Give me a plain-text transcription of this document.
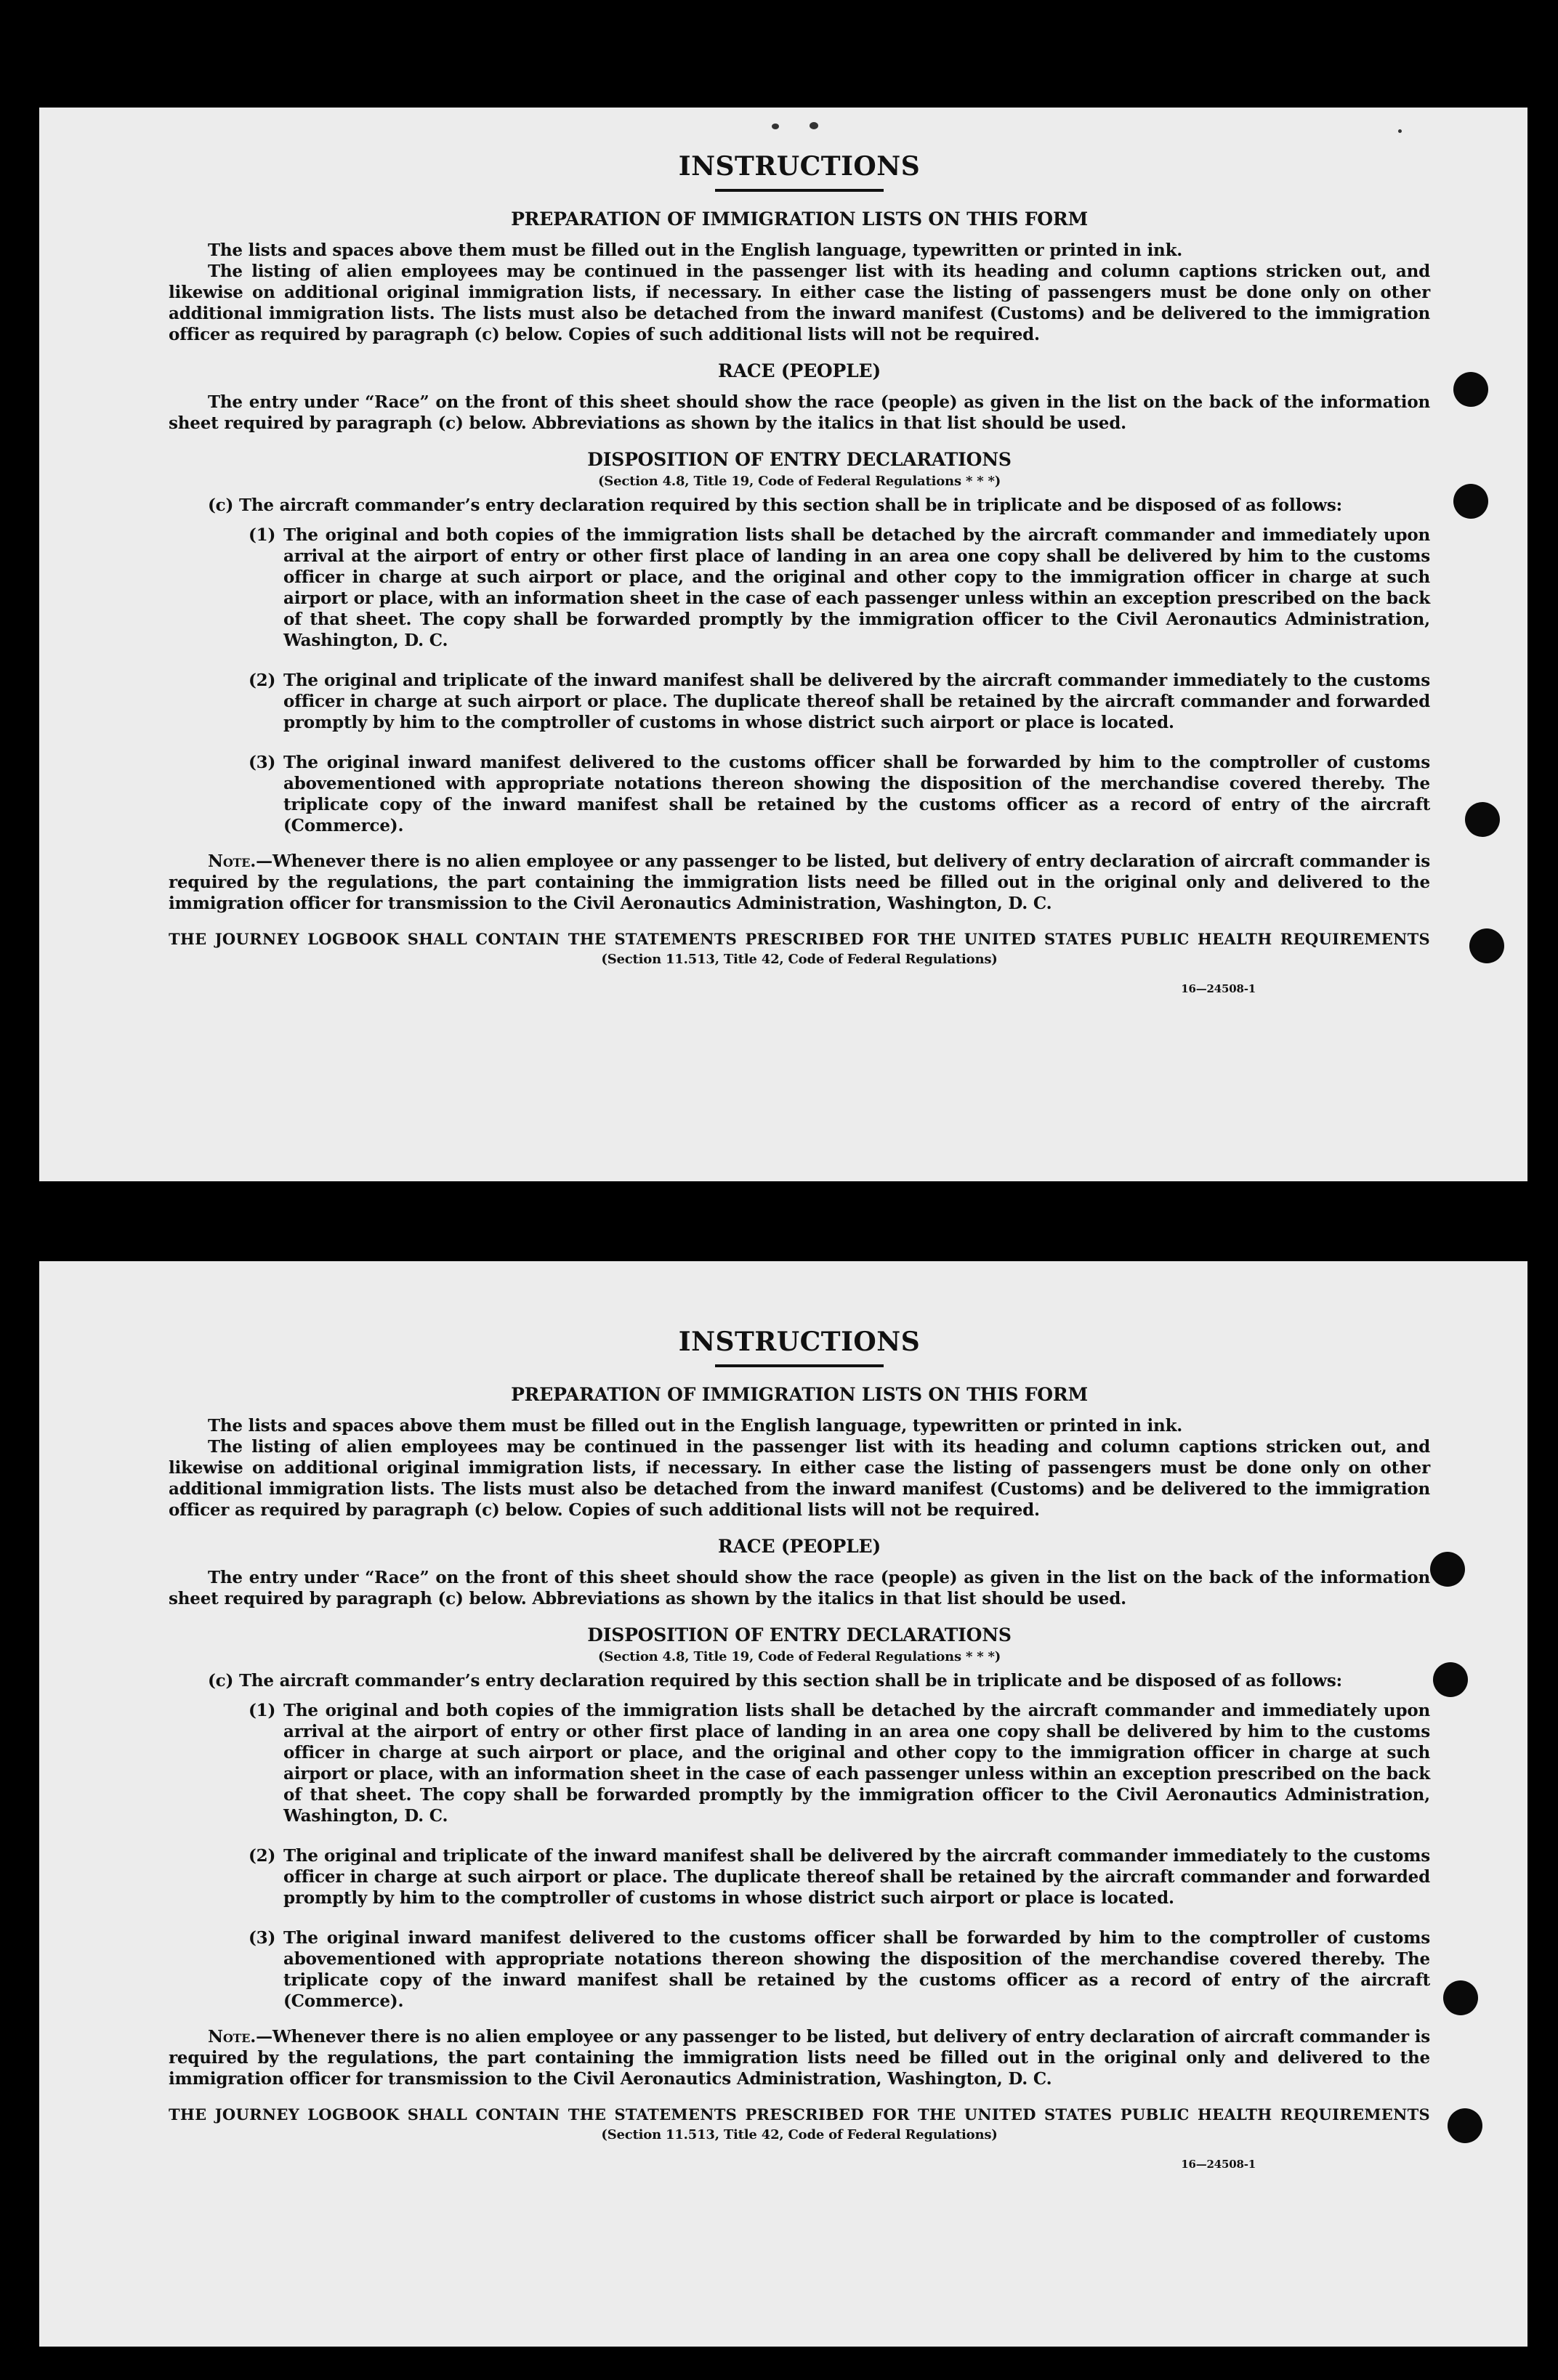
INSTRUCTIONS
PREPARATION OF IMMIGRATION LISTS ON THIS FORM

The lists and spaces above them must be filled out in the English language, typewritten or printed in ink.

The listing of alien employees may be continued in the passenger list with its heading and column captions stricken out, and likewise on additional original immigration lists, if necessary. In either case the listing of passengers must be done only on other additional immigration lists. The lists must also be detached from the inward manifest (Customs) and be delivered to the immigration officer as required by paragraph (c) below. Copies of such additional lists will not be required.

RACE (PEOPLE)

The entry under “Race” on the front of this sheet should show the race (people) as given in the list on the back of the information sheet required by paragraph (c) below. Abbreviations as shown by the italics in that list should be used.

DISPOSITION OF ENTRY DECLARATIONS
(Section 4.8, Title 19, Code of Federal Regulations * * *)

(c) The aircraft commander’s entry declaration required by this section shall be in triplicate and be disposed of as follows:

(1) The original and both copies of the immigration lists shall be detached by the aircraft commander and immediately upon arrival at the airport of entry or other first place of landing in an area one copy shall be delivered by him to the customs officer in charge at such airport or place, and the original and other copy to the immigration officer in charge at such airport or place, with an information sheet in the case of each passenger unless within an exception prescribed on the back of that sheet. The copy shall be forwarded promptly by the immigration officer to the Civil Aeronautics Administration, Washington, D. C.
(2) The original and triplicate of the inward manifest shall be delivered by the aircraft commander immediately to the customs officer in charge at such airport or place. The duplicate thereof shall be retained by the aircraft commander and forwarded promptly by him to the comptroller of customs in whose district such airport or place is located.
(3) The original inward manifest delivered to the customs officer shall be forwarded by him to the comptroller of customs abovementioned with appropriate notations thereon showing the disposition of the merchandise covered thereby. The triplicate copy of the inward manifest shall be retained by the customs officer as a record of entry of the aircraft (Commerce).

Note.—Whenever there is no alien employee or any passenger to be listed, but delivery of entry declaration of aircraft commander is required by the regulations, the part containing the immigration lists need be filled out in the original only and delivered to the immigration officer for transmission to the Civil Aeronautics Administration, Washington, D. C.

THE JOURNEY LOGBOOK SHALL CONTAIN THE STATEMENTS PRESCRIBED FOR THE UNITED STATES PUBLIC HEALTH REQUIREMENTS
(Section 11.513, Title 42, Code of Federal Regulations)
16—24508-1
INSTRUCTIONS
PREPARATION OF IMMIGRATION LISTS ON THIS FORM

The lists and spaces above them must be filled out in the English language, typewritten or printed in ink.

The listing of alien employees may be continued in the passenger list with its heading and column captions stricken out, and likewise on additional original immigration lists, if necessary. In either case the listing of passengers must be done only on other additional immigration lists. The lists must also be detached from the inward manifest (Customs) and be delivered to the immigration officer as required by paragraph (c) below. Copies of such additional lists will not be required.

RACE (PEOPLE)

The entry under “Race” on the front of this sheet should show the race (people) as given in the list on the back of the information sheet required by paragraph (c) below. Abbreviations as shown by the italics in that list should be used.

DISPOSITION OF ENTRY DECLARATIONS
(Section 4.8, Title 19, Code of Federal Regulations * * *)

(c) The aircraft commander’s entry declaration required by this section shall be in triplicate and be disposed of as follows:

(1) The original and both copies of the immigration lists shall be detached by the aircraft commander and immediately upon arrival at the airport of entry or other first place of landing in an area one copy shall be delivered by him to the customs officer in charge at such airport or place, and the original and other copy to the immigration officer in charge at such airport or place, with an information sheet in the case of each passenger unless within an exception prescribed on the back of that sheet. The copy shall be forwarded promptly by the immigration officer to the Civil Aeronautics Administration, Washington, D. C.
(2) The original and triplicate of the inward manifest shall be delivered by the aircraft commander immediately to the customs officer in charge at such airport or place. The duplicate thereof shall be retained by the aircraft commander and forwarded promptly by him to the comptroller of customs in whose district such airport or place is located.
(3) The original inward manifest delivered to the customs officer shall be forwarded by him to the comptroller of customs abovementioned with appropriate notations thereon showing the disposition of the merchandise covered thereby. The triplicate copy of the inward manifest shall be retained by the customs officer as a record of entry of the aircraft (Commerce).

Note.—Whenever there is no alien employee or any passenger to be listed, but delivery of entry declaration of aircraft commander is required by the regulations, the part containing the immigration lists need be filled out in the original only and delivered to the immigration officer for transmission to the Civil Aeronautics Administration, Washington, D. C.

THE JOURNEY LOGBOOK SHALL CONTAIN THE STATEMENTS PRESCRIBED FOR THE UNITED STATES PUBLIC HEALTH REQUIREMENTS
(Section 11.513, Title 42, Code of Federal Regulations)
16—24508-1
